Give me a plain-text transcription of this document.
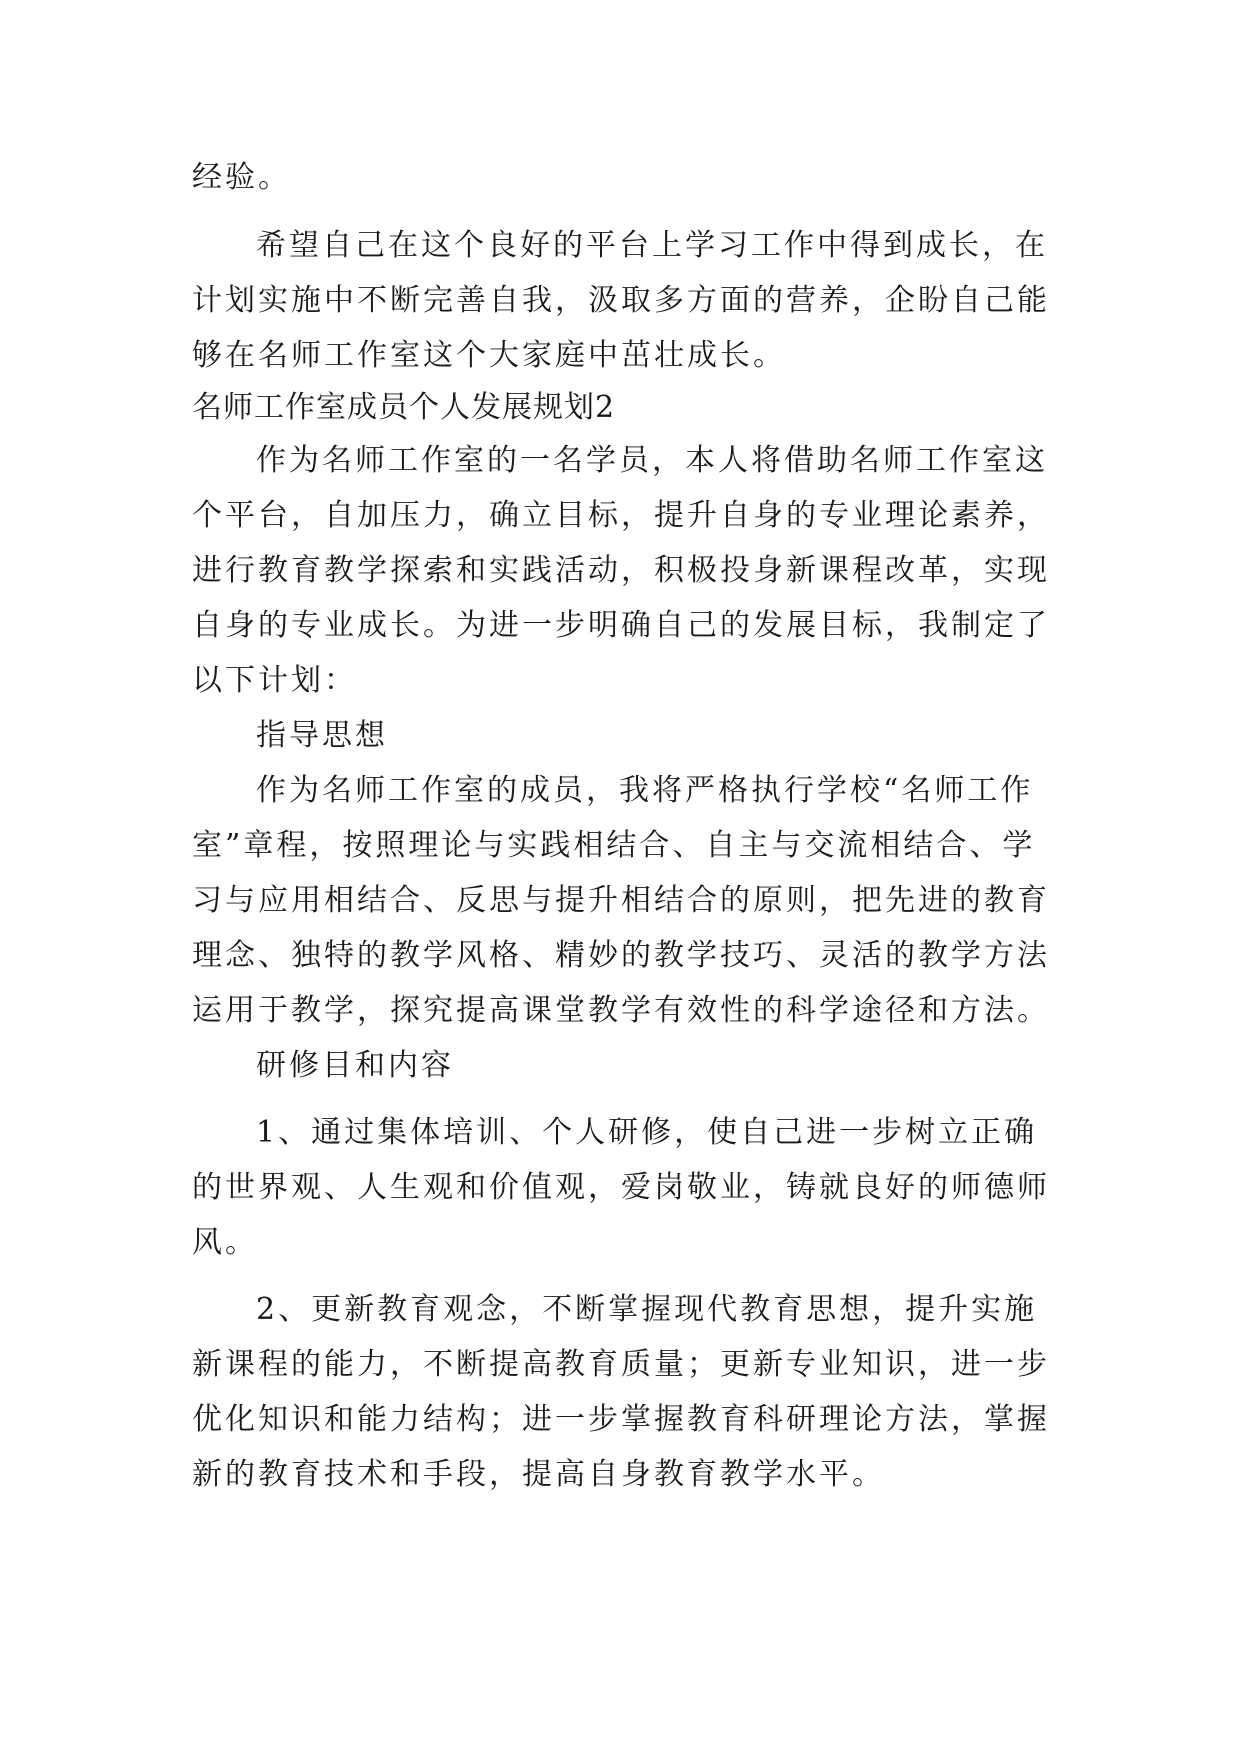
经验。

希望自己在这个良好的平台上学习工作中得到成长，在
计划实施中不断完善自我，汲取多方面的营养，企盼自己能
够在名师工作室这个大家庭中茁壮成长。

名师工作室成员个人发展规划2

作为名师工作室的一名学员，本人将借助名师工作室这
个平台，自加压力，确立目标，提升自身的专业理论素养，
进行教育教学探索和实践活动，积极投身新课程改革，实现
自身的专业成长。为进一步明确自己的发展目标，我制定了
以下计划：

指导思想

作为名师工作室的成员，我将严格执行学校“名师工作
室”章程，按照理论与实践相结合、自主与交流相结合、学
习与应用相结合、反思与提升相结合的原则，把先进的教育
理念、独特的教学风格、精妙的教学技巧、灵活的教学方法
运用于教学，探究提高课堂教学有效性的科学途径和方法。

研修目和内容

1、通过集体培训、个人研修，使自己进一步树立正确
的世界观、人生观和价值观，爱岗敬业，铸就良好的师德师
风。

2、更新教育观念，不断掌握现代教育思想，提升实施
新课程的能力，不断提高教育质量；更新专业知识，进一步
优化知识和能力结构；进一步掌握教育科研理论方法，掌握
新的教育技术和手段，提高自身教育教学水平。
